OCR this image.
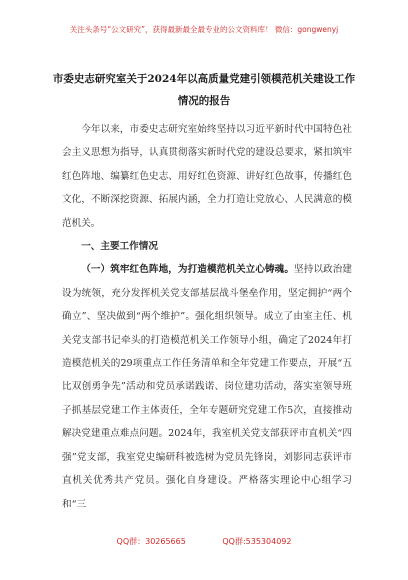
关注头条号“公文研究”，获得最新最全最专业的公文资料库！ 微信：gongwenyj
市委史志研究室关于2024年以高质量党建引领模范机关建设工作情况的报告

今年以来，市委史志研究室始终坚持以习近平新时代中国特色社会主义思想为指导，认真贯彻落实新时代党的建设总要求，紧扣筑牢红色阵地、编纂红色史志、用好红色资源、讲好红色故事，传播红色文化，不断深挖资源、拓展内涵，全力打造让党放心、人民满意的模范机关。

一、主要工作情况

（一）筑牢红色阵地，为打造模范机关立心铸魂。坚持以政治建设为统领，充分发挥机关党支部基层战斗堡垒作用，坚定拥护“两个确立”、坚决做到“两个维护”。强化组织领导。成立了由室主任、机关党支部书记牵头的打造模范机关工作领导小组，确定了2024年打造模范机关的29项重点工作任务清单和全年党建工作要点，开展“五比双创勇争先”活动和党员承诺践诺、岗位建功活动，落实室领导班子抓基层党建工作主体责任，全年专题研究党建工作5次，直接推动解决党建重点难点问题。2024年，我室机关党支部获评市直机关“四强”党支部，我室党史编研科被选树为党员先锋岗，刘影同志获评市直机关优秀共产党员。强化自身建设。严格落实理论中心组学习和“三

QQ群：30265665	QQ群:535304092
